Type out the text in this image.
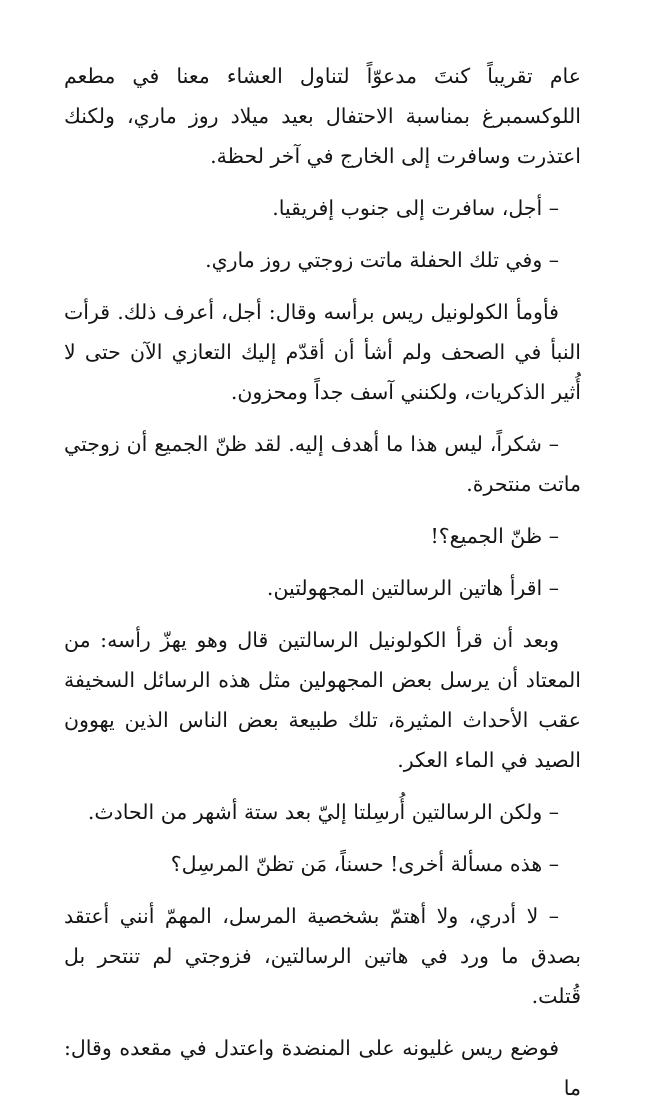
عام تقريباً كنتَ مدعوّاً لتناول العشاء معنا في مطعم اللوكسمبرغ بمناسبة الاحتفال بعيد ميلاد روز ماري، ولكنك اعتذرت وسافرت إلى الخارج في آخر لحظة.

– أجل، سافرت إلى جنوب إفريقيا.

– وفي تلك الحفلة ماتت زوجتي روز ماري.

فأومأ الكولونيل ريس برأسه وقال: أجل، أعرف ذلك. قرأت النبأ في الصحف ولم أشأ أن أقدّم إليك التعازي الآن حتى لا أُثير الذكريات، ولكنني آسف جداً ومحزون.

– شكراً، ليس هذا ما أهدف إليه. لقد ظنّ الجميع أن زوجتي ماتت منتحرة.

– ظنّ الجميع؟!

– اقرأ هاتين الرسالتين المجهولتين.

وبعد أن قرأ الكولونيل الرسالتين قال وهو يهزّ رأسه: من المعتاد أن يرسل بعض المجهولين مثل هذه الرسائل السخيفة عقب الأحداث المثيرة، تلك طبيعة بعض الناس الذين يهوون الصيد في الماء العكر.

– ولكن الرسالتين أُرسِلتا إليّ بعد ستة أشهر من الحادث.

– هذه مسألة أخرى! حسناً، مَن تظنّ المرسِل؟

– لا أدري، ولا أهتمّ بشخصية المرسل، المهمّ أنني أعتقد بصدق ما ورد في هاتين الرسالتين، فزوجتي لم تنتحر بل قُتلت.

فوضع ريس غليونه على المنضدة واعتدل في مقعده وقال: ما
